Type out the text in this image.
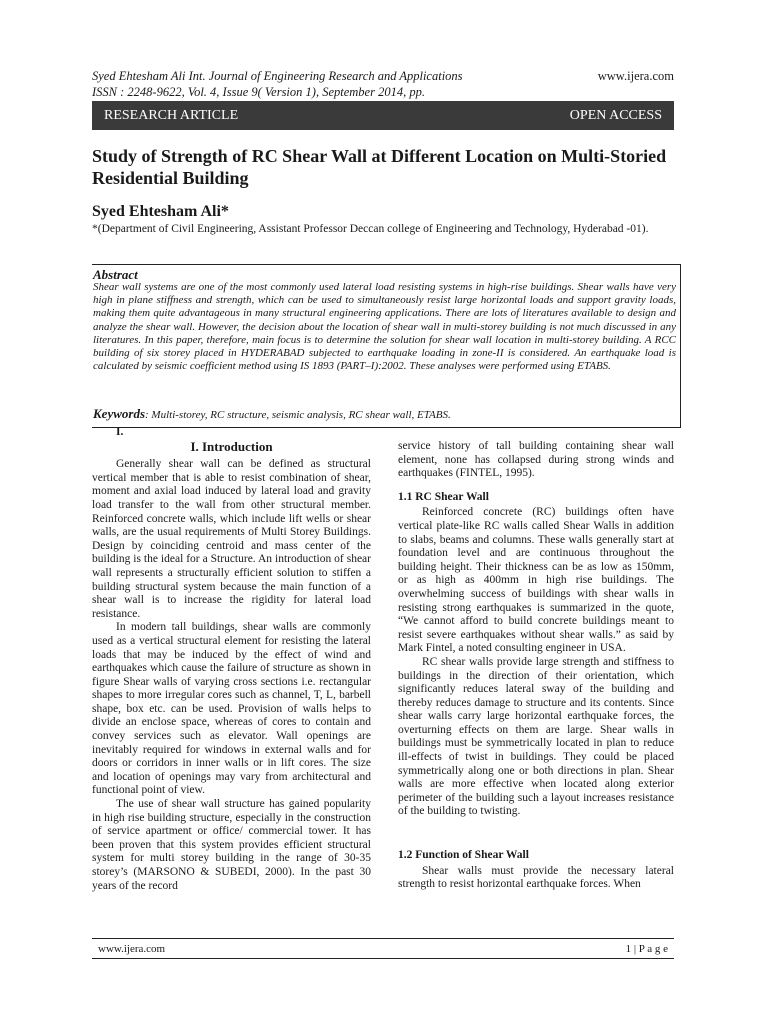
Syed Ehtesham Ali Int. Journal of Engineering Research and Applications
ISSN : 2248-9622, Vol. 4, Issue 9( Version 1), September 2014, pp.
www.ijera.com
RESEARCH ARTICLE	OPEN ACCESS
Study of Strength of RC Shear Wall at Different Location on Multi-Storied Residential Building
Syed Ehtesham Ali*
*(Department of Civil Engineering, Assistant Professor Deccan college of Engineering and Technology, Hyderabad -01).
Abstract
Shear wall systems are one of the most commonly used lateral load resisting systems in high-rise buildings. Shear walls have very high in plane stiffness and strength, which can be used to simultaneously resist large horizontal loads and support gravity loads, making them quite advantageous in many structural engineering applications. There are lots of literatures available to design and analyze the shear wall. However, the decision about the location of shear wall in multi-storey building is not much discussed in any literatures. In this paper, therefore, main focus is to determine the solution for shear wall location in multi-storey building. A RCC building of six storey placed in HYDERABAD subjected to earthquake loading in zone-II is considered. An earthquake load is calculated by seismic coefficient method using IS 1893 (PART–I):2002. These analyses were performed using ETABS.
Keywords: Multi-storey, RC structure, seismic analysis, RC shear wall, ETABS.
I.
I. Introduction

Generally shear wall can be defined as structural vertical member that is able to resist combination of shear, moment and axial load induced by lateral load and gravity load transfer to the wall from other structural member. Reinforced concrete walls, which include lift wells or shear walls, are the usual requirements of Multi Storey Buildings. Design by coinciding centroid and mass center of the building is the ideal for a Structure. An introduction of shear wall represents a structurally efficient solution to stiffen a building structural system because the main function of a shear wall is to increase the rigidity for lateral load resistance.

In modern tall buildings, shear walls are commonly used as a vertical structural element for resisting the lateral loads that may be induced by the effect of wind and earthquakes which cause the failure of structure as shown in figure Shear walls of varying cross sections i.e. rectangular shapes to more irregular cores such as channel, T, L, barbell shape, box etc. can be used. Provision of walls helps to divide an enclose space, whereas of cores to contain and convey services such as elevator. Wall openings are inevitably required for windows in external walls and for doors or corridors in inner walls or in lift cores. The size and location of openings may vary from architectural and functional point of view.

The use of shear wall structure has gained popularity in high rise building structure, especially in the construction of service apartment or office/ commercial tower. It has been proven that this system provides efficient structural system for multi storey building in the range of 30-35 storey’s (MARSONO & SUBEDI, 2000). In the past 30 years of the record

service history of tall building containing shear wall element, none has collapsed during strong winds and earthquakes (FINTEL, 1995).

1.1 RC Shear Wall

Reinforced concrete (RC) buildings often have vertical plate-like RC walls called Shear Walls in addition to slabs, beams and columns. These walls generally start at foundation level and are continuous throughout the building height. Their thickness can be as low as 150mm, or as high as 400mm in high rise buildings. The overwhelming success of buildings with shear walls in resisting strong earthquakes is summarized in the quote, “We cannot afford to build concrete buildings meant to resist severe earthquakes without shear walls.” as said by Mark Fintel, a noted consulting engineer in USA.

RC shear walls provide large strength and stiffness to buildings in the direction of their orientation, which significantly reduces lateral sway of the building and thereby reduces damage to structure and its contents. Since shear walls carry large horizontal earthquake forces, the overturning effects on them are large. Shear walls in buildings must be symmetrically located in plan to reduce ill-effects of twist in buildings. They could be placed symmetrically along one or both directions in plan. Shear walls are more effective when located along exterior perimeter of the building such a layout increases resistance of the building to twisting.

1.2 Function of Shear Wall

Shear walls must provide the necessary lateral strength to resist horizontal earthquake forces. When

www.ijera.com	1 | P a g e
